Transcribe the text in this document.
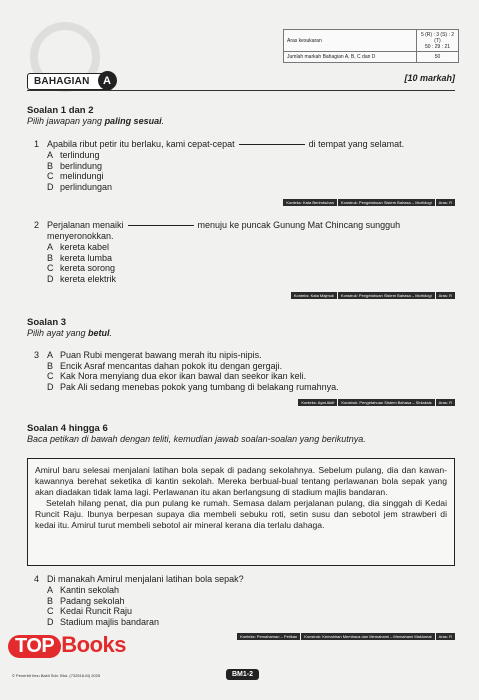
Aras kesukaran	5 (R) : 3 (S) : 2 (T)
50 : 29 : 21

Jumlah markah Bahagian A, B, C dan D	50
BAHAGIAN	A	[10 markah]
Soalan 1 dan 2
Pilih jawapan yang paling sesuai.
1 Apabila ribut petir itu berlaku, kami cepat-cepat	di tempat yang selamat.
A terlindung
B berlindung
C melindungi
D perlindungan
Konteks: Kata Berimbuhan	Konstruk: Pengetahuan Sistem Bahasa – Morfologi	Aras: R
2 Perjalanan menaiki	menuju ke puncak Gunung Mat Chincang sungguh menyeronokkan.
A kereta kabel
B kereta lumba
C kereta sorong
D kereta elektrik
Konteks: Kata Majmuk	Konstruk: Pengetahuan Sistem Bahasa – Morfologi	Aras: R
Soalan 3
Pilih ayat yang betul.
3 A Puan Rubi mengerat bawang merah itu nipis-nipis.
B Encik Asraf mencantas dahan pokok itu dengan gergaji.
C Kak Nora menyiang dua ekor ikan bawal dan seekor ikan keli.
D Pak Ali sedang menebas pokok yang tumbang di belakang rumahnya.
Konteks: Ayat Aktif	Konstruk: Pengetahuan Sistem Bahasa – Sintaksis	Aras: R
Soalan 4 hingga 6
Baca petikan di bawah dengan teliti, kemudian jawab soalan-soalan yang berikutnya.

Amirul baru selesai menjalani latihan bola sepak di padang sekolahnya. Sebelum pulang, dia dan kawan-kawannya berehat seketika di kantin sekolah. Mereka berbual-bual tentang perlawanan bola sepak yang akan diadakan tidak lama lagi. Perlawanan itu akan berlangsung di stadium majlis bandaran.

Setelah hilang penat, dia pun pulang ke rumah. Semasa dalam perjalanan pulang, dia singgah di Kedai Runcit Raju. Ibunya berpesan supaya dia membeli sebuku roti, setin susu dan sebotol jem strawberi di kedai itu. Amirul turut membeli sebotol air mineral kerana dia terlalu dahaga.

4 Di manakah Amirul menjalani latihan bola sepak?
A Kantin sekolah
B Padang sekolah
C Kedai Runcit Raju
D Stadium majlis bandaran
Konteks: Pemahaman – Petikan	Konstruk: Kemahiran Membaca dan Memahami – Memahami Maklumat	Aras: R
TOP Books
© Penerbit Ilmu Bakti Sdn. Bhd. (732516-M) 2025	BM1-2
